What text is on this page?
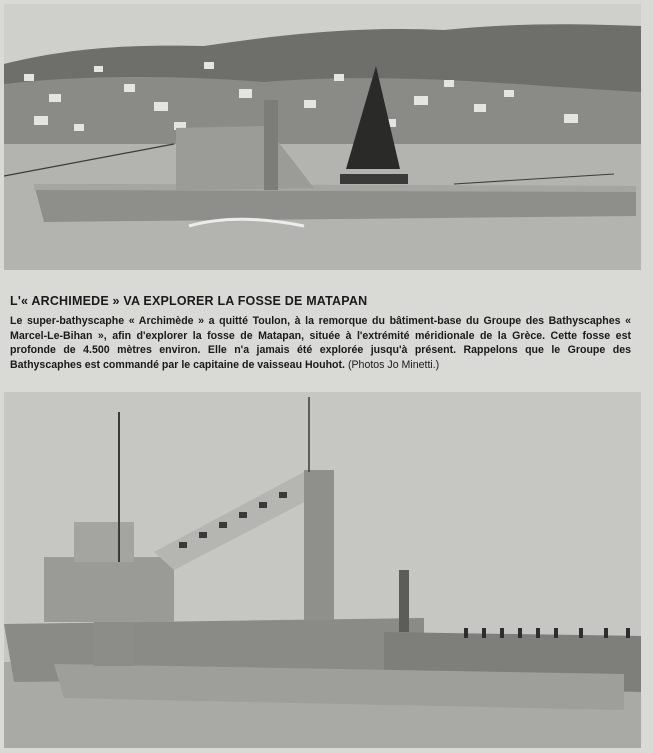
L'« ARCHIMEDE » VA EXPLORER LA FOSSE DE MATAPAN

Le super-bathyscaphe « Archimède » a quitté Toulon, à la remorque du bâtiment-base du Groupe des Bathyscaphes « Marcel-Le-Bihan », afin d'explorer la fosse de Matapan, située à l'extrémité méridionale de la Grèce. Cette fosse est profonde de 4.500 mètres environ. Elle n'a jamais été explorée jusqu'à présent. Rappelons que le Groupe des Bathyscaphes est commandé par le capitaine de vaisseau Houhot. (Photos Jo Minetti.)
